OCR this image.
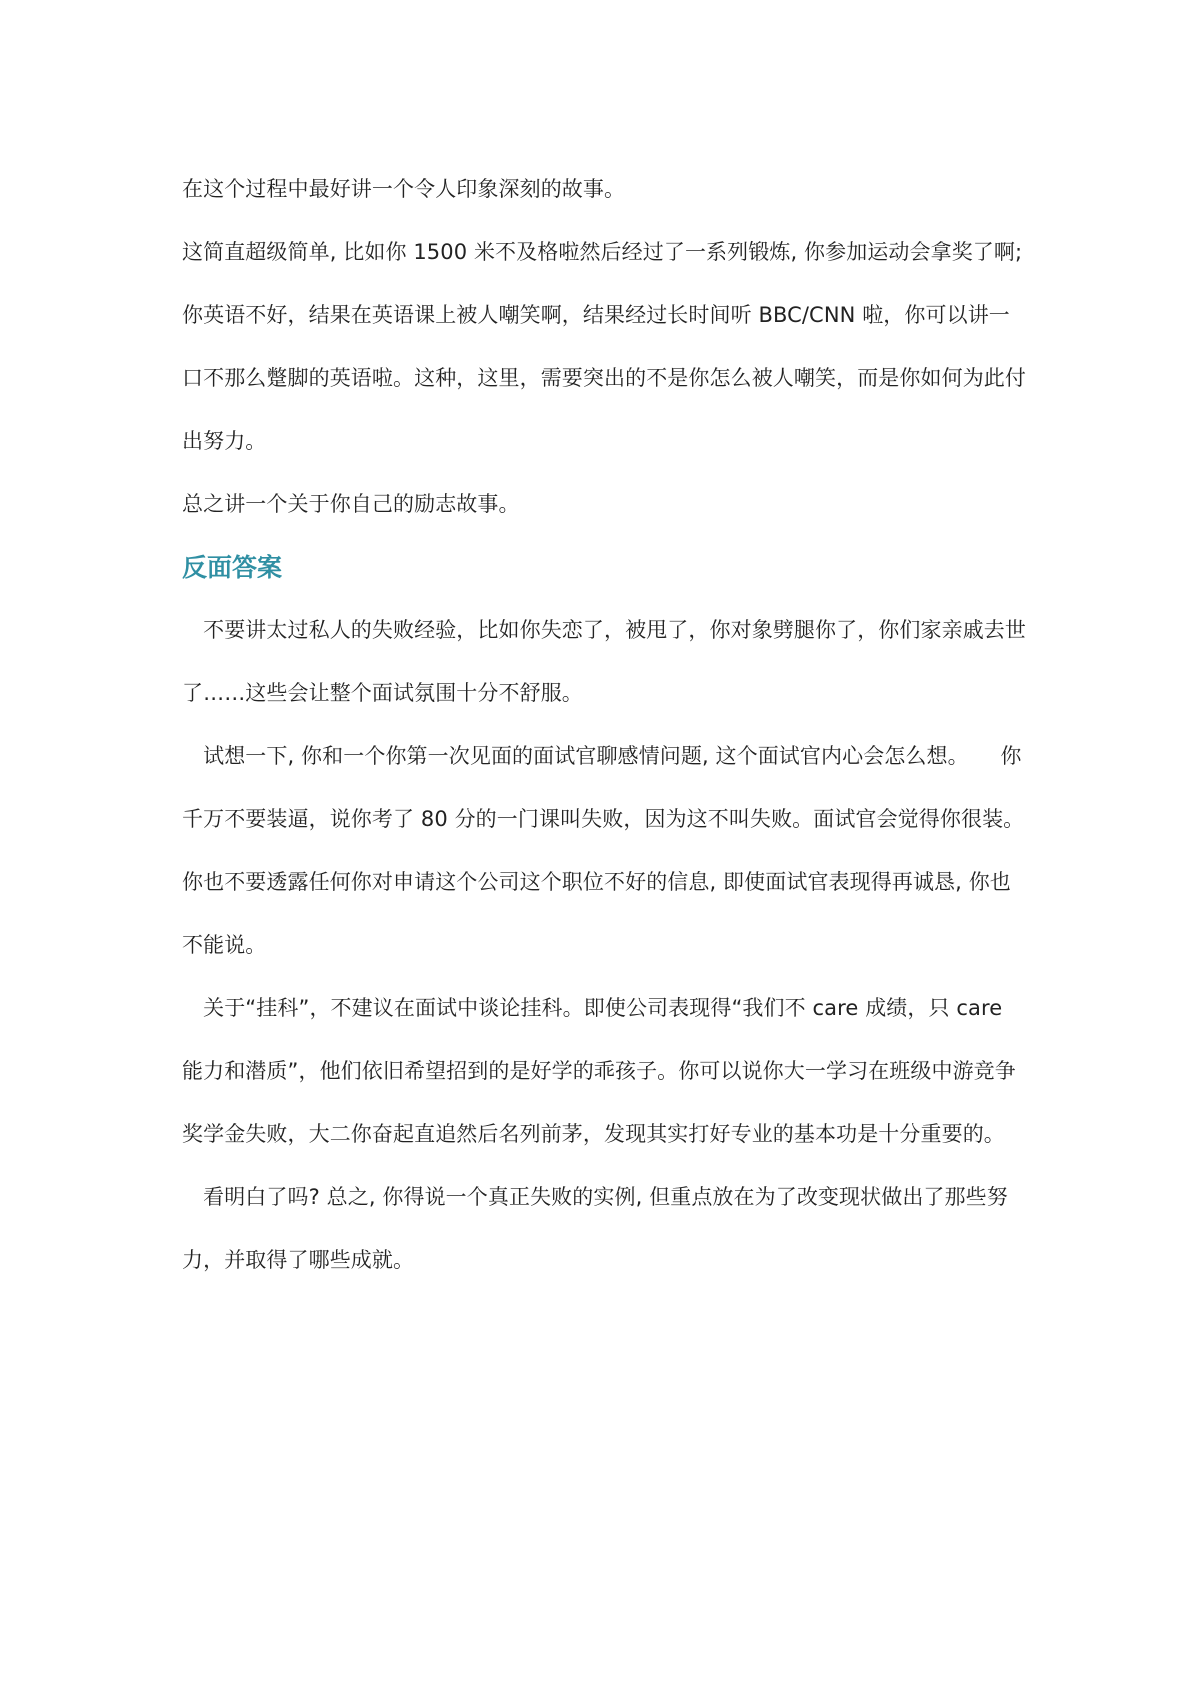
在这个过程中最好讲一个令人印象深刻的故事。
这简直超级简单, 比如你 1500 米不及格啦然后经过了一系列锻炼, 你参加运动会拿奖了啊;
你英语不好，结果在英语课上被人嘲笑啊，结果经过长时间听 BBC/CNN 啦，你可以讲一
口不那么蹩脚的英语啦。这种，这里，需要突出的不是你怎么被人嘲笑，而是你如何为此付
出努力。
总之讲一个关于你自己的励志故事。
反面答案
　不要讲太过私人的失败经验，比如你失恋了，被甩了，你对象劈腿你了，你们家亲戚去世
了……这些会让整个面试氛围十分不舒服。
　试想一下, 你和一个你第一次见面的面试官聊感情问题, 这个面试官内心会怎么想。　　你
千万不要装逼，说你考了 80 分的一门课叫失败，因为这不叫失败。面试官会觉得你很装。
你也不要透露任何你对申请这个公司这个职位不好的信息, 即使面试官表现得再诚恳, 你也
不能说。
　关于“挂科”，不建议在面试中谈论挂科。即使公司表现得“我们不 care 成绩，只 care
能力和潜质”，他们依旧希望招到的是好学的乖孩子。你可以说你大一学习在班级中游竞争
奖学金失败，大二你奋起直追然后名列前茅，发现其实打好专业的基本功是十分重要的。
　看明白了吗? 总之, 你得说一个真正失败的实例, 但重点放在为了改变现状做出了那些努
力，并取得了哪些成就。
